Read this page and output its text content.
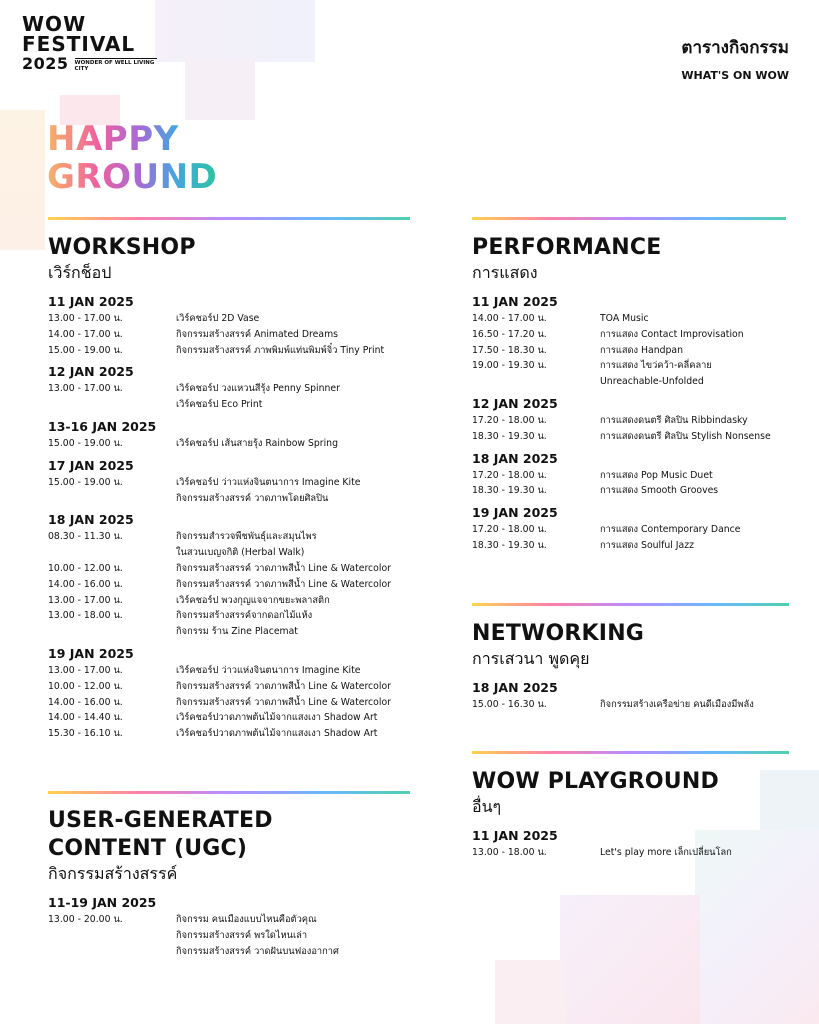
WOW
FESTIVAL
2025 WONDER OF WELL LIVING CITY
ตารางกิจกรรม
WHAT'S ON WOW
HAPPY
GROUND
WORKSHOP
เวิร์กช็อป
11 JAN 2025
13.00 - 17.00 น.	เวิร์คชอร์ป 2D Vase
14.00 - 17.00 น.	กิจกรรมสร้างสรรค์ Animated Dreams
15.00 - 19.00 น.	กิจกรรมสร้างสรรค์ ภาพพิมพ์แท่นพิมพ์จิ๋ว Tiny Print
12 JAN 2025
13.00 - 17.00 น.	เวิร์คชอร์ป วงแหวนสีรุ้ง Penny Spinner
เวิร์คชอร์ป Eco Print
13-16 JAN 2025
15.00 - 19.00 น.	เวิร์คชอร์ป เส้นสายรุ้ง Rainbow Spring
17 JAN 2025
15.00 - 19.00 น.	เวิร์คชอร์ป ว่าวแห่งจินตนาการ Imagine Kite
กิจกรรมสร้างสรรค์ วาดภาพโดยศิลปิน
18 JAN 2025
08.30 - 11.30 น.	กิจกรรมสำรวจพืชพันธุ์และสมุนไพร
ในสวนเบญจกิติ (Herbal Walk)
10.00 - 12.00 น.	กิจกรรมสร้างสรรค์ วาดภาพสีน้ำ Line & Watercolor
14.00 - 16.00 น.	กิจกรรมสร้างสรรค์ วาดภาพสีน้ำ Line & Watercolor
13.00 - 17.00 น.	เวิร์คชอร์ป พวงกุญแจจากขยะพลาสติก
13.00 - 18.00 น.	กิจกรรมสร้างสรรค์จากดอกไม้แห้ง
กิจกรรม ร้าน Zine Placemat
19 JAN 2025
13.00 - 17.00 น.	เวิร์คชอร์ป ว่าวแห่งจินตนาการ Imagine Kite
10.00 - 12.00 น.	กิจกรรมสร้างสรรค์ วาดภาพสีน้ำ Line & Watercolor
14.00 - 16.00 น.	กิจกรรมสร้างสรรค์ วาดภาพสีน้ำ Line & Watercolor
14.00 - 14.40 น.	เวิร์คชอร์ปวาดภาพต้นไม้จากแสงเงา Shadow Art
15.30 - 16.10 น.	เวิร์คชอร์ปวาดภาพต้นไม้จากแสงเงา Shadow Art
USER-GENERATED
CONTENT (UGC)
กิจกรรมสร้างสรรค์
11-19 JAN 2025
13.00 - 20.00 น.	กิจกรรม คนเมืองแบบไหนคือตัวคุณ
กิจกรรมสร้างสรรค์ พรใดไหนเล่า
กิจกรรมสร้างสรรค์ วาดฝันบนฟองอากาศ
PERFORMANCE
การแสดง
11 JAN 2025
14.00 - 17.00 น.	TOA Music
16.50 - 17.20 น.	การแสดง Contact Improvisation
17.50 - 18.30 น.	การแสดง Handpan
19.00 - 19.30 น.	การแสดง ไขว่คว้า-คลี่คลาย
Unreachable-Unfolded
12 JAN 2025
17.20 - 18.00 น.	การแสดงดนตรี ศิลปิน Ribbindasky
18.30 - 19.30 น.	การแสดงดนตรี ศิลปิน Stylish Nonsense
18 JAN 2025
17.20 - 18.00 น.	การแสดง Pop Music Duet
18.30 - 19.30 น.	การแสดง Smooth Grooves
19 JAN 2025
17.20 - 18.00 น.	การแสดง Contemporary Dance
18.30 - 19.30 น.	การแสดง Soulful Jazz
NETWORKING
การเสวนา พูดคุย
18 JAN 2025
15.00 - 16.30 น.	กิจกรรมสร้างเครือข่าย คนดีเมืองมีพลัง
WOW PLAYGROUND
อื่นๆ
11 JAN 2025
13.00 - 18.00 น.	Let's play more เล็กเปลี่ยนโลก
